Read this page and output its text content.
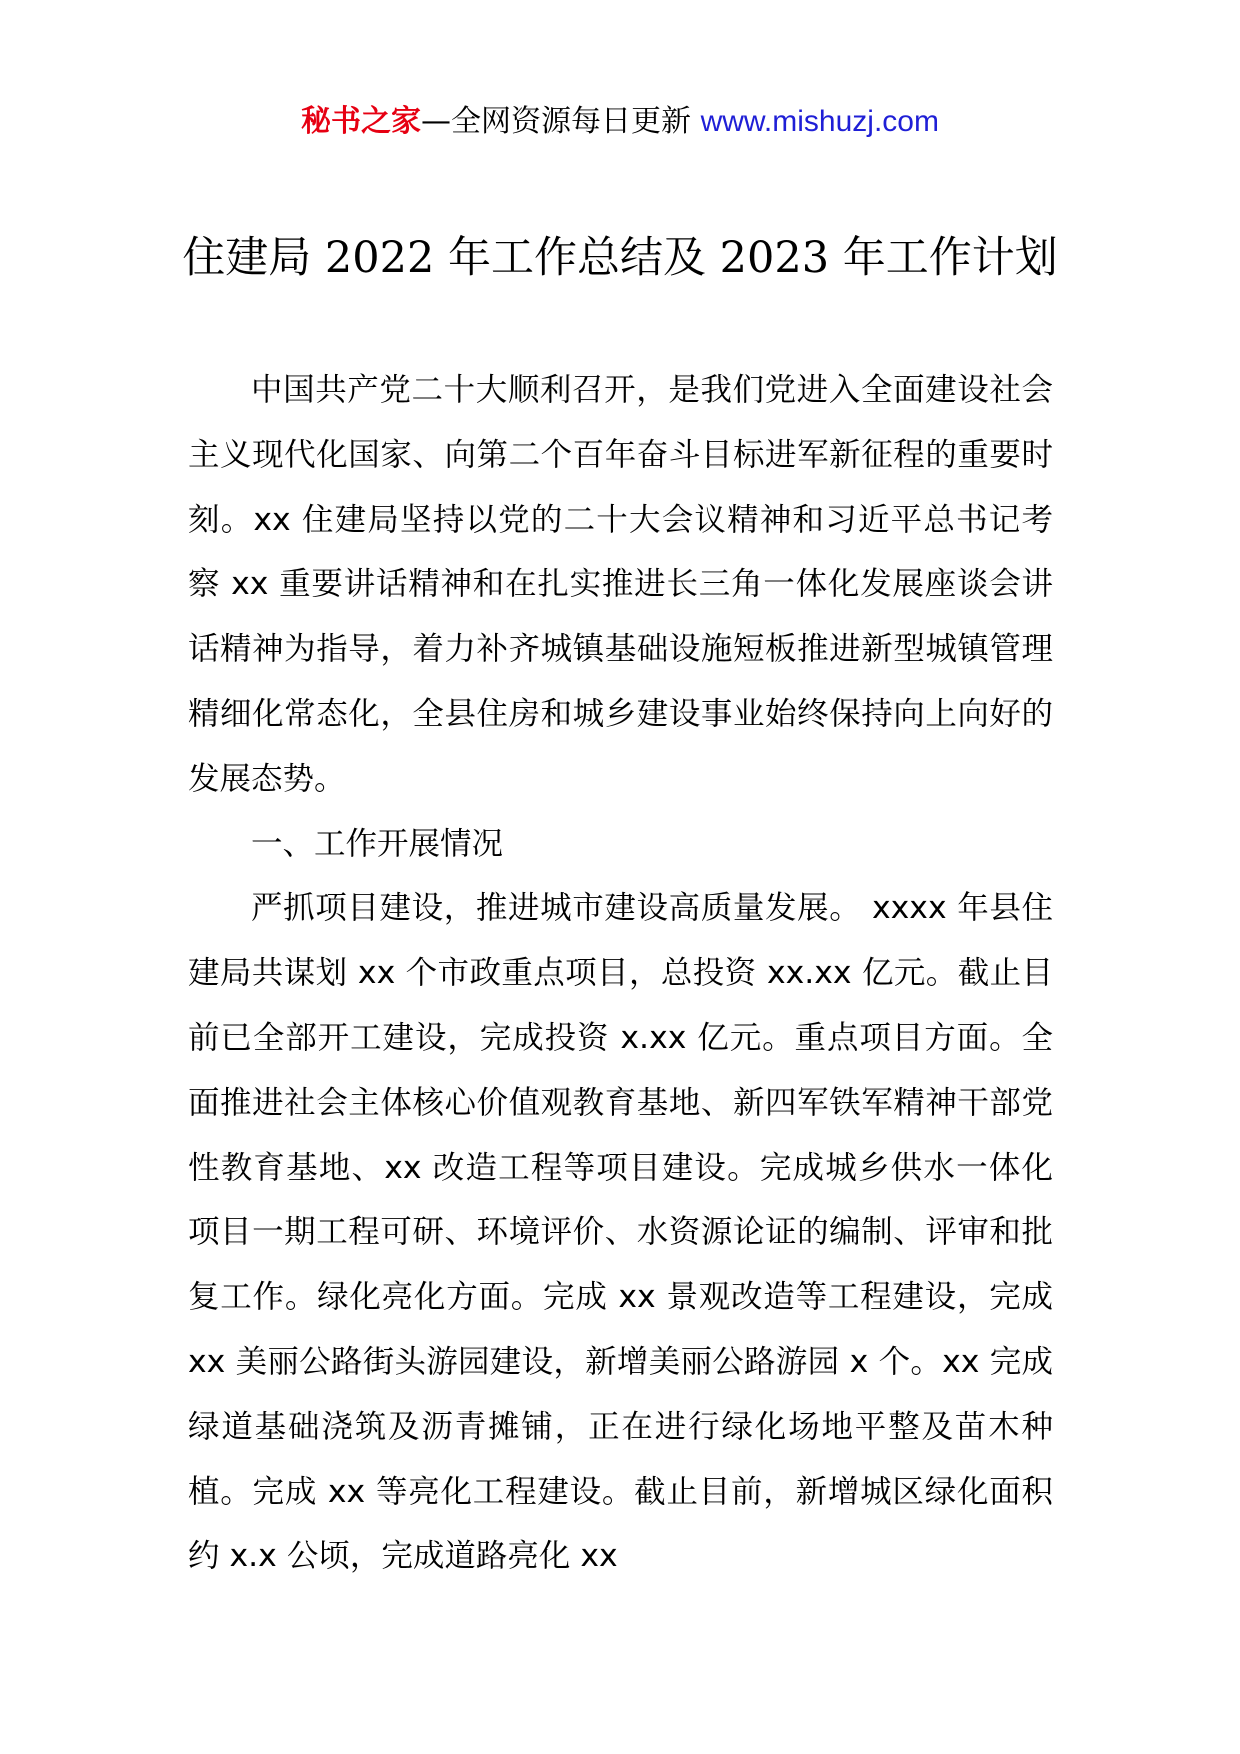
秘书之家—全网资源每日更新 www.mishuzj.com
住建局 2022 年工作总结及 2023 年工作计划

中国共产党二十大顺利召开，是我们党进入全面建设社会主义现代化国家、向第二个百年奋斗目标进军新征程的重要时刻。xx 住建局坚持以党的二十大会议精神和习近平总书记考察 xx 重要讲话精神和在扎实推进长三角一体化发展座谈会讲话精神为指导，着力补齐城镇基础设施短板推进新型城镇管理精细化常态化，全县住房和城乡建设事业始终保持向上向好的发展态势。

一、工作开展情况

严抓项目建设，推进城市建设高质量发展。 xxxx 年县住建局共谋划 xx 个市政重点项目，总投资 xx.xx 亿元。截止目前已全部开工建设，完成投资 x.xx 亿元。重点项目方面。全面推进社会主体核心价值观教育基地、新四军铁军精神干部党性教育基地、xx 改造工程等项目建设。完成城乡供水一体化项目一期工程可研、环境评价、水资源论证的编制、评审和批复工作。绿化亮化方面。完成 xx 景观改造等工程建设，完成 xx 美丽公路街头游园建设，新增美丽公路游园 x 个。xx 完成绿道基础浇筑及沥青摊铺，正在进行绿化场地平整及苗木种植。完成 xx 等亮化工程建设。截止目前，新增城区绿化面积约 x.x 公顷，完成道路亮化 xx
